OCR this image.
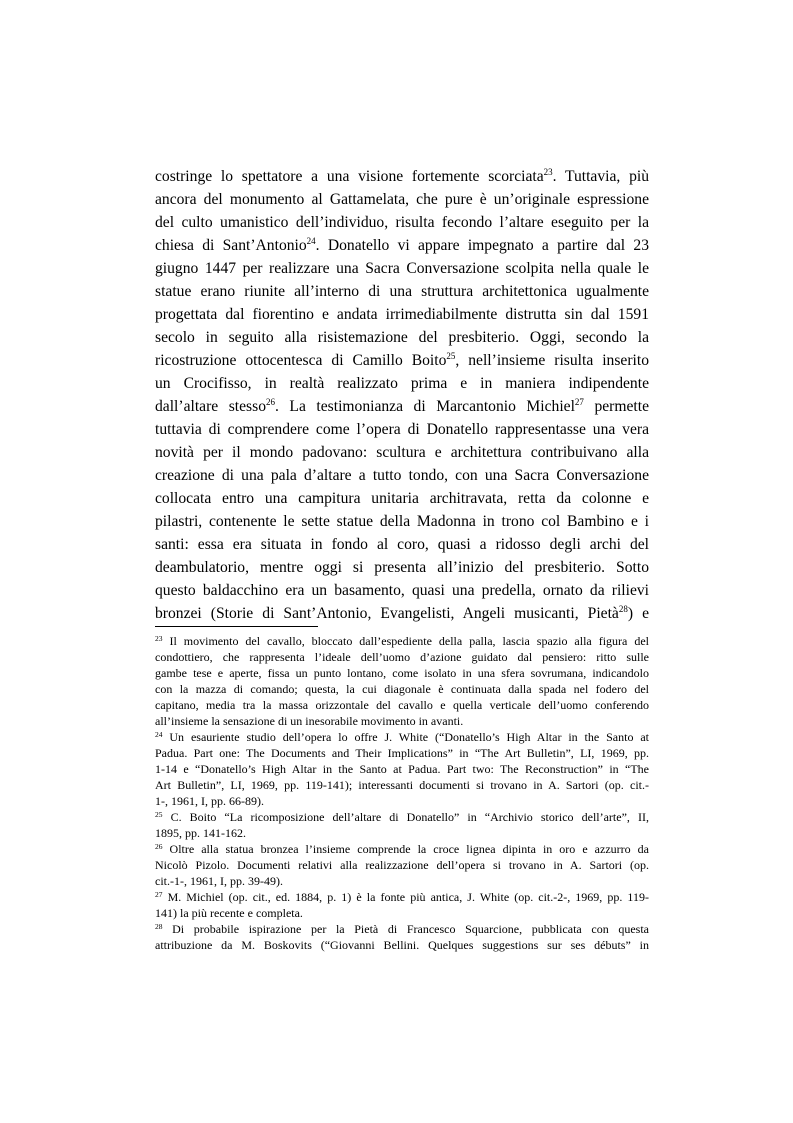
costringe lo spettatore a una visione fortemente scorciata$^{23}$. Tuttavia, più
ancora del monumento al Gattamelata, che pure è un’originale espressione
del culto umanistico dell’individuo, risulta fecondo l’altare eseguito per la
chiesa di Sant’Antonio$^{24}$. Donatello vi appare impegnato a partire dal 23
giugno 1447 per realizzare una Sacra Conversazione scolpita nella quale le
statue erano riunite all’interno di una struttura architettonica ugualmente
progettata dal fiorentino e andata irrimediabilmente distrutta sin dal 1591
secolo in seguito alla risistemazione del presbiterio. Oggi, secondo la
ricostruzione ottocentesca di Camillo Boito$^{25}$, nell’insieme risulta inserito
un Crocifisso, in realtà realizzato prima e in maniera indipendente
dall’altare stesso$^{26}$. La testimonianza di Marcantonio Michiel$^{27}$ permette
tuttavia di comprendere come l’opera di Donatello rappresentasse una vera
novità per il mondo padovano: scultura e architettura contribuivano alla
creazione di una pala d’altare a tutto tondo, con una Sacra Conversazione
collocata entro una campitura unitaria architravata, retta da colonne e
pilastri, contenente le sette statue della Madonna in trono col Bambino e i
santi: essa era situata in fondo al coro, quasi a ridosso degli archi del
deambulatorio, mentre oggi si presenta all’inizio del presbiterio. Sotto
questo baldacchino era un basamento, quasi una predella, ornato da rilievi
bronzei (Storie di Sant’Antonio, Evangelisti, Angeli musicanti, Pietà$^{28}$) e
$^{23}$ Il movimento del cavallo, bloccato dall’espediente della palla, lascia spazio alla figura del
condottiero, che rappresenta l’ideale dell’uomo d’azione guidato dal pensiero: ritto sulle
gambe tese e aperte, fissa un punto lontano, come isolato in una sfera sovrumana, indicandolo
con la mazza di comando; questa, la cui diagonale è continuata dalla spada nel fodero del
capitano, media tra la massa orizzontale del cavallo e quella verticale dell’uomo conferendo
all’insieme la sensazione di un inesorabile movimento in avanti.
$^{24}$ Un esauriente studio dell’opera lo offre J. White (“Donatello’s High Altar in the Santo at
Padua. Part one: The Documents and Their Implications” in “The Art Bulletin”, LI, 1969, pp.
1-14 e “Donatello’s High Altar in the Santo at Padua. Part two: The Reconstruction” in “The
Art Bulletin”, LI, 1969, pp. 119-141); interessanti documenti si trovano in A. Sartori (op. cit.-
1-, 1961, I, pp. 66-89).
$^{25}$ C. Boito “La ricomposizione dell’altare di Donatello” in “Archivio storico dell’arte”, II,
1895, pp. 141-162.
$^{26}$ Oltre alla statua bronzea l’insieme comprende la croce lignea dipinta in oro e azzurro da
Nicolò Pizolo. Documenti relativi alla realizzazione dell’opera si trovano in A. Sartori (op.
cit.-1-, 1961, I, pp. 39-49).
$^{27}$ M. Michiel (op. cit., ed. 1884, p. 1) è la fonte più antica, J. White (op. cit.-2-, 1969, pp. 119-
141) la più recente e completa.
$^{28}$ Di probabile ispirazione per la Pietà di Francesco Squarcione, pubblicata con questa
attribuzione da M. Boskovits (“Giovanni Bellini. Quelques suggestions sur ses débuts” in
